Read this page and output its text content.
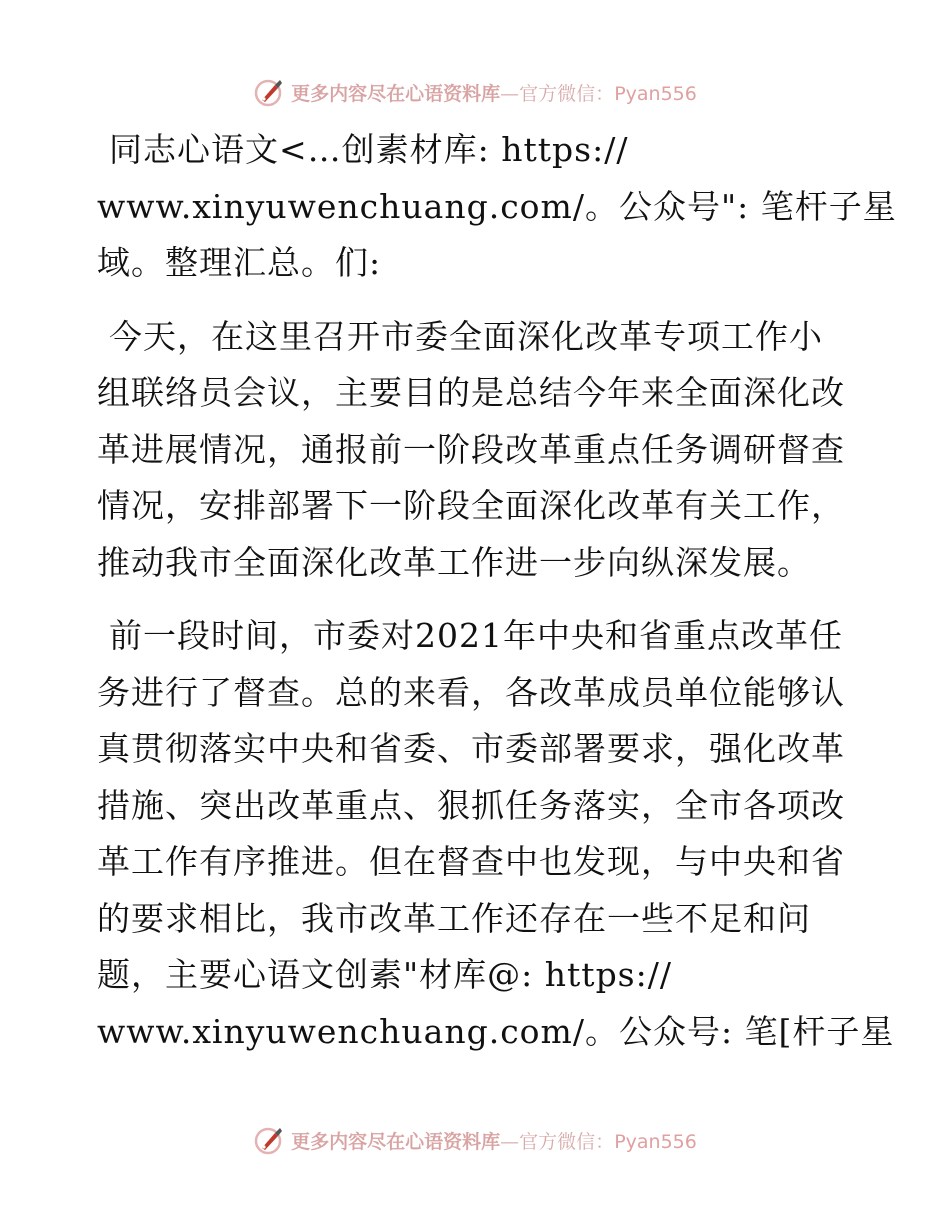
更多内容尽在心语资料库—官方微信：Pyan556

同志心语文<…创素材库: https://
www.xinyuwenchuang.com/。公众号": 笔杆子星
域。整理汇总。们:

今天，在这里召开市委全面深化改革专项工作小
组联络员会议，主要目的是总结今年来全面深化改
革进展情况，通报前一阶段改革重点任务调研督查
情况，安排部署下一阶段全面深化改革有关工作，
推动我市全面深化改革工作进一步向纵深发展。

前一段时间，市委对2021年中央和省重点改革任
务进行了督查。总的来看，各改革成员单位能够认
真贯彻落实中央和省委、市委部署要求，强化改革
措施、突出改革重点、狠抓任务落实，全市各项改
革工作有序推进。但在督查中也发现，与中央和省
的要求相比，我市改革工作还存在一些不足和问
题，主要心语文创素"材库@: https://
www.xinyuwenchuang.com/。公众号: 笔[杆子星

更多内容尽在心语资料库—官方微信：Pyan556
